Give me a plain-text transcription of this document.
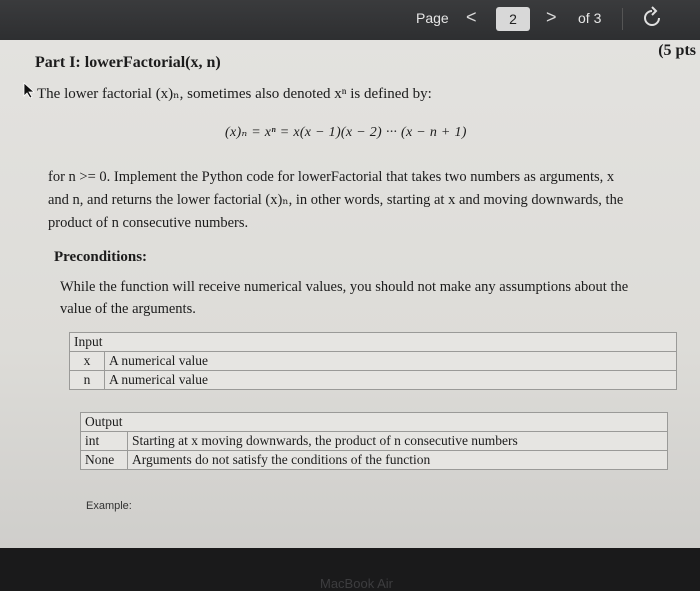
Page <	2	> of 3
Part I: lowerFactorial(x, n)
(5 pts
The lower factorial (x)ₙ, sometimes also denoted xⁿ is defined by:
(x)ₙ = xⁿ = x(x − 1)(x − 2) ··· (x − n + 1)
for n >= 0. Implement the Python code for lowerFactorial that takes two numbers as arguments, x
and n, and returns the lower factorial (x)ₙ, in other words, starting at x and moving downwards, the
product of n consecutive numbers.
Preconditions:
While the function will receive numerical values, you should not make any assumptions about the
value of the arguments.
Input	
x	A numerical value
n	A numerical value
Output	
int	Starting at x moving downwards, the product of n consecutive numbers
None	Arguments do not satisfy the conditions of the function
Example:
MacBook Air
